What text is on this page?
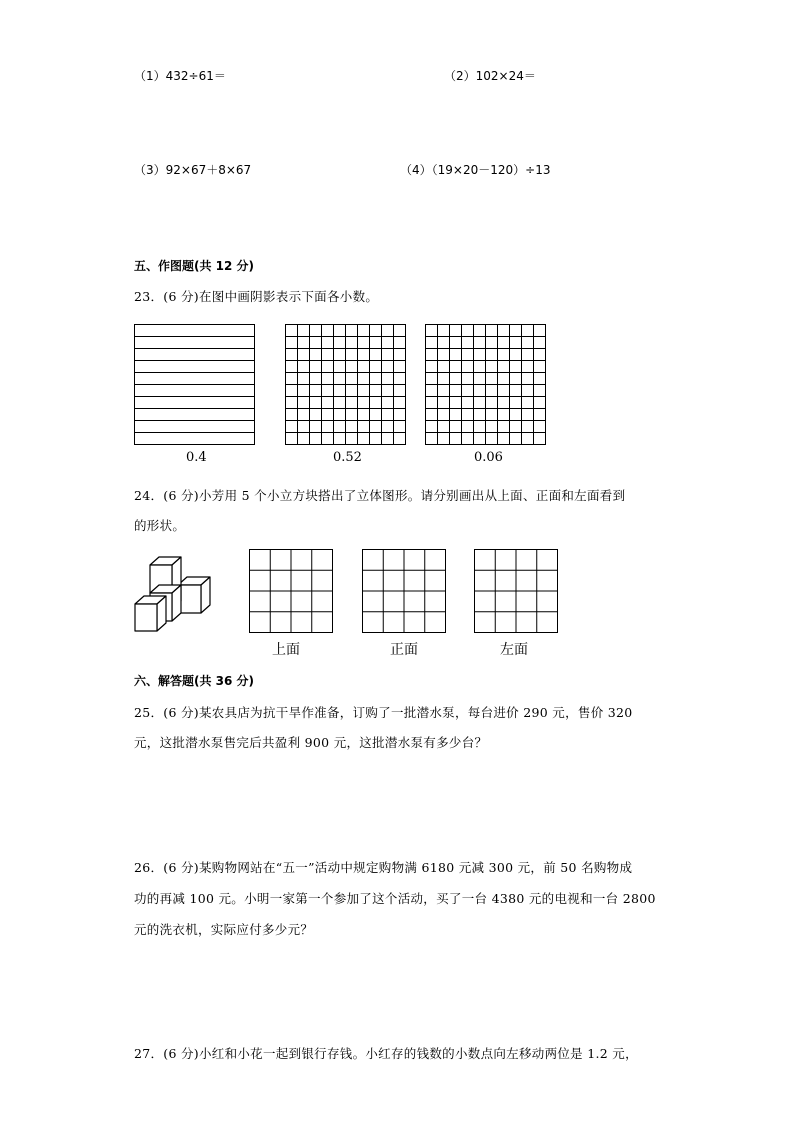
（1）432÷61＝	（2）102×24＝
（3）92×67＋8×67	（4）（19×20－120）÷13
五、作图题(共 12 分)
23．(6 分)在图中画阴影表示下面各小数。
0.4	0.52	0.06
24．(6 分)小芳用 5 个小立方块搭出了立体图形。请分别画出从上面、正面和左面看到
的形状。
上面	正面	左面
六、解答题(共 36 分)
25．(6 分)某农具店为抗干旱作准备，订购了一批潜水泵，每台进价 290 元，售价 320
元，这批潜水泵售完后共盈利 900 元，这批潜水泵有多少台？
26．(6 分)某购物网站在“五一”活动中规定购物满 6180 元减 300 元，前 50 名购物成
功的再减 100 元。小明一家第一个参加了这个活动，买了一台 4380 元的电视和一台 2800
元的洗衣机，实际应付多少元？
27．(6 分)小红和小花一起到银行存钱。小红存的钱数的小数点向左移动两位是 1.2 元，
